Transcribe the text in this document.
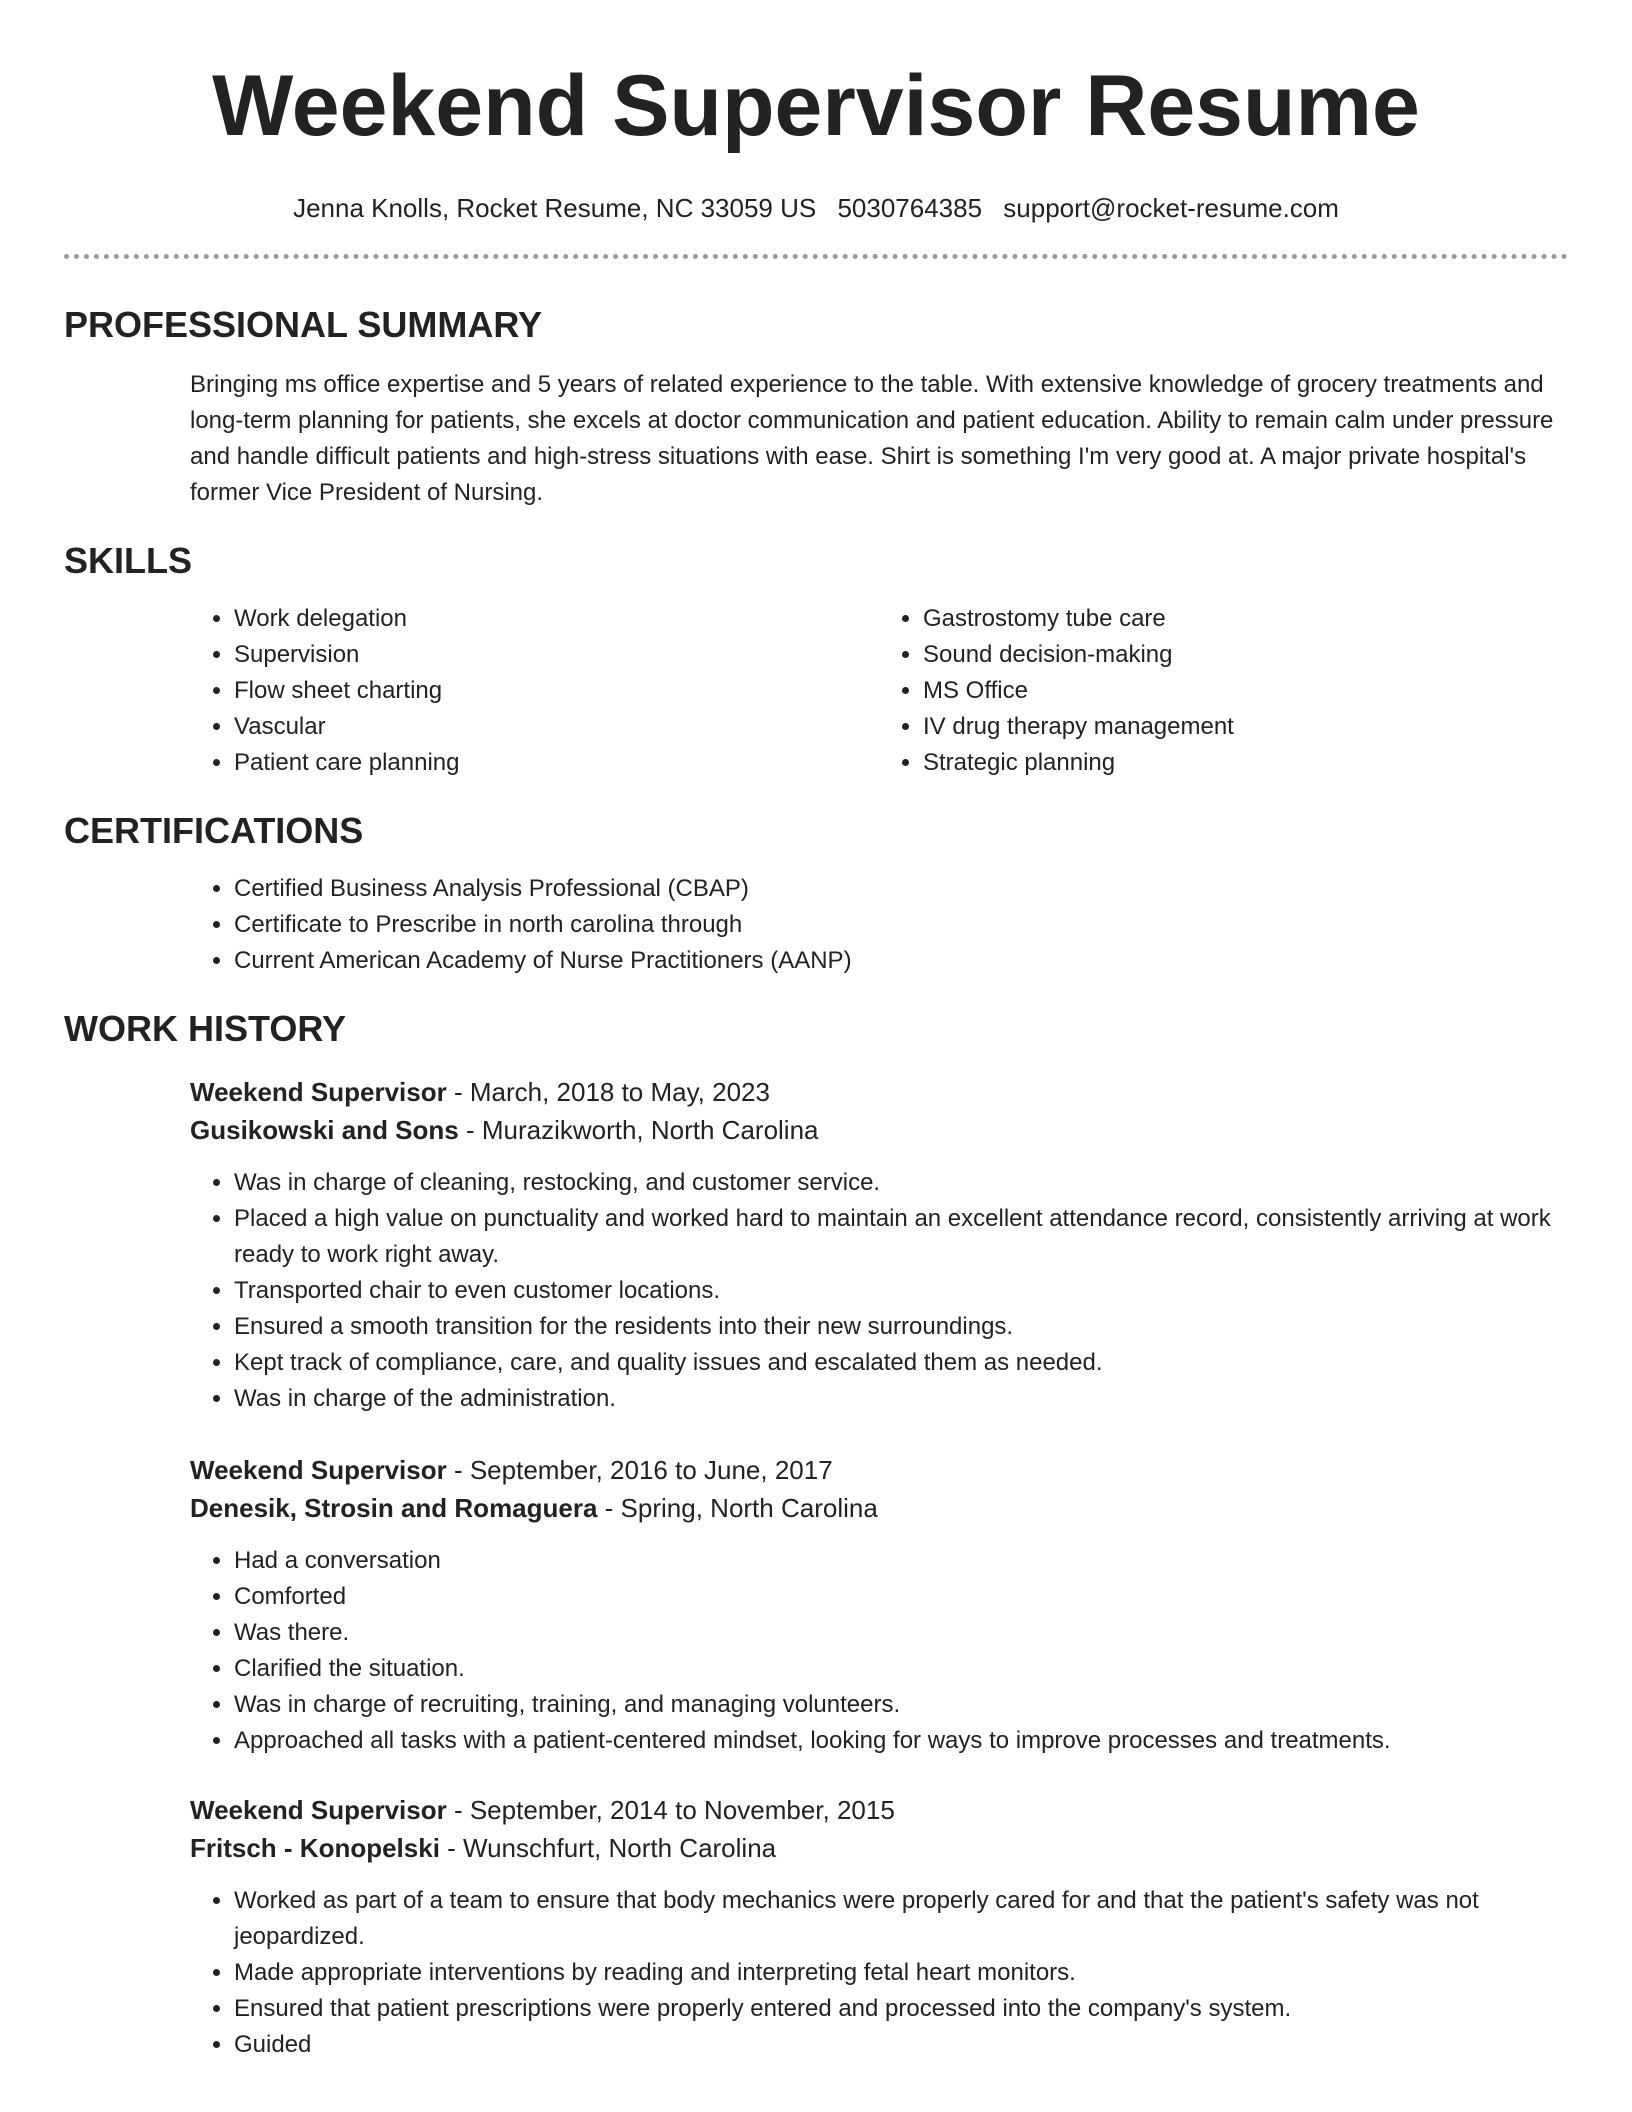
Weekend Supervisor Resume
Jenna Knolls, Rocket Resume, NC 33059 US 5030764385 support@rocket-resume.com
PROFESSIONAL SUMMARY
Bringing ms office expertise and 5 years of related experience to the table. With extensive knowledge of grocery treatments and long-term planning for patients, she excels at doctor communication and patient education. Ability to remain calm under pressure and handle difficult patients and high-stress situations with ease. Shirt is something I'm very good at. A major private hospital's former Vice President of Nursing.
SKILLS
• Work delegation
• Supervision
• Flow sheet charting
• Vascular
• Patient care planning
• Gastrostomy tube care
• Sound decision-making
• MS Office
• IV drug therapy management
• Strategic planning
CERTIFICATIONS
• Certified Business Analysis Professional (CBAP)
• Certificate to Prescribe in north carolina through
• Current American Academy of Nurse Practitioners (AANP)
WORK HISTORY
Weekend Supervisor - March, 2018 to May, 2023
Gusikowski and Sons - Murazikworth, North Carolina
• Was in charge of cleaning, restocking, and customer service.
• Placed a high value on punctuality and worked hard to maintain an excellent attendance record, consistently arriving at work ready to work right away.
• Transported chair to even customer locations.
• Ensured a smooth transition for the residents into their new surroundings.
• Kept track of compliance, care, and quality issues and escalated them as needed.
• Was in charge of the administration.
Weekend Supervisor - September, 2016 to June, 2017
Denesik, Strosin and Romaguera - Spring, North Carolina
• Had a conversation
• Comforted
• Was there.
• Clarified the situation.
• Was in charge of recruiting, training, and managing volunteers.
• Approached all tasks with a patient-centered mindset, looking for ways to improve processes and treatments.
Weekend Supervisor - September, 2014 to November, 2015
Fritsch - Konopelski - Wunschfurt, North Carolina
• Worked as part of a team to ensure that body mechanics were properly cared for and that the patient's safety was not jeopardized.
• Made appropriate interventions by reading and interpreting fetal heart monitors.
• Ensured that patient prescriptions were properly entered and processed into the company's system.
• Guided
